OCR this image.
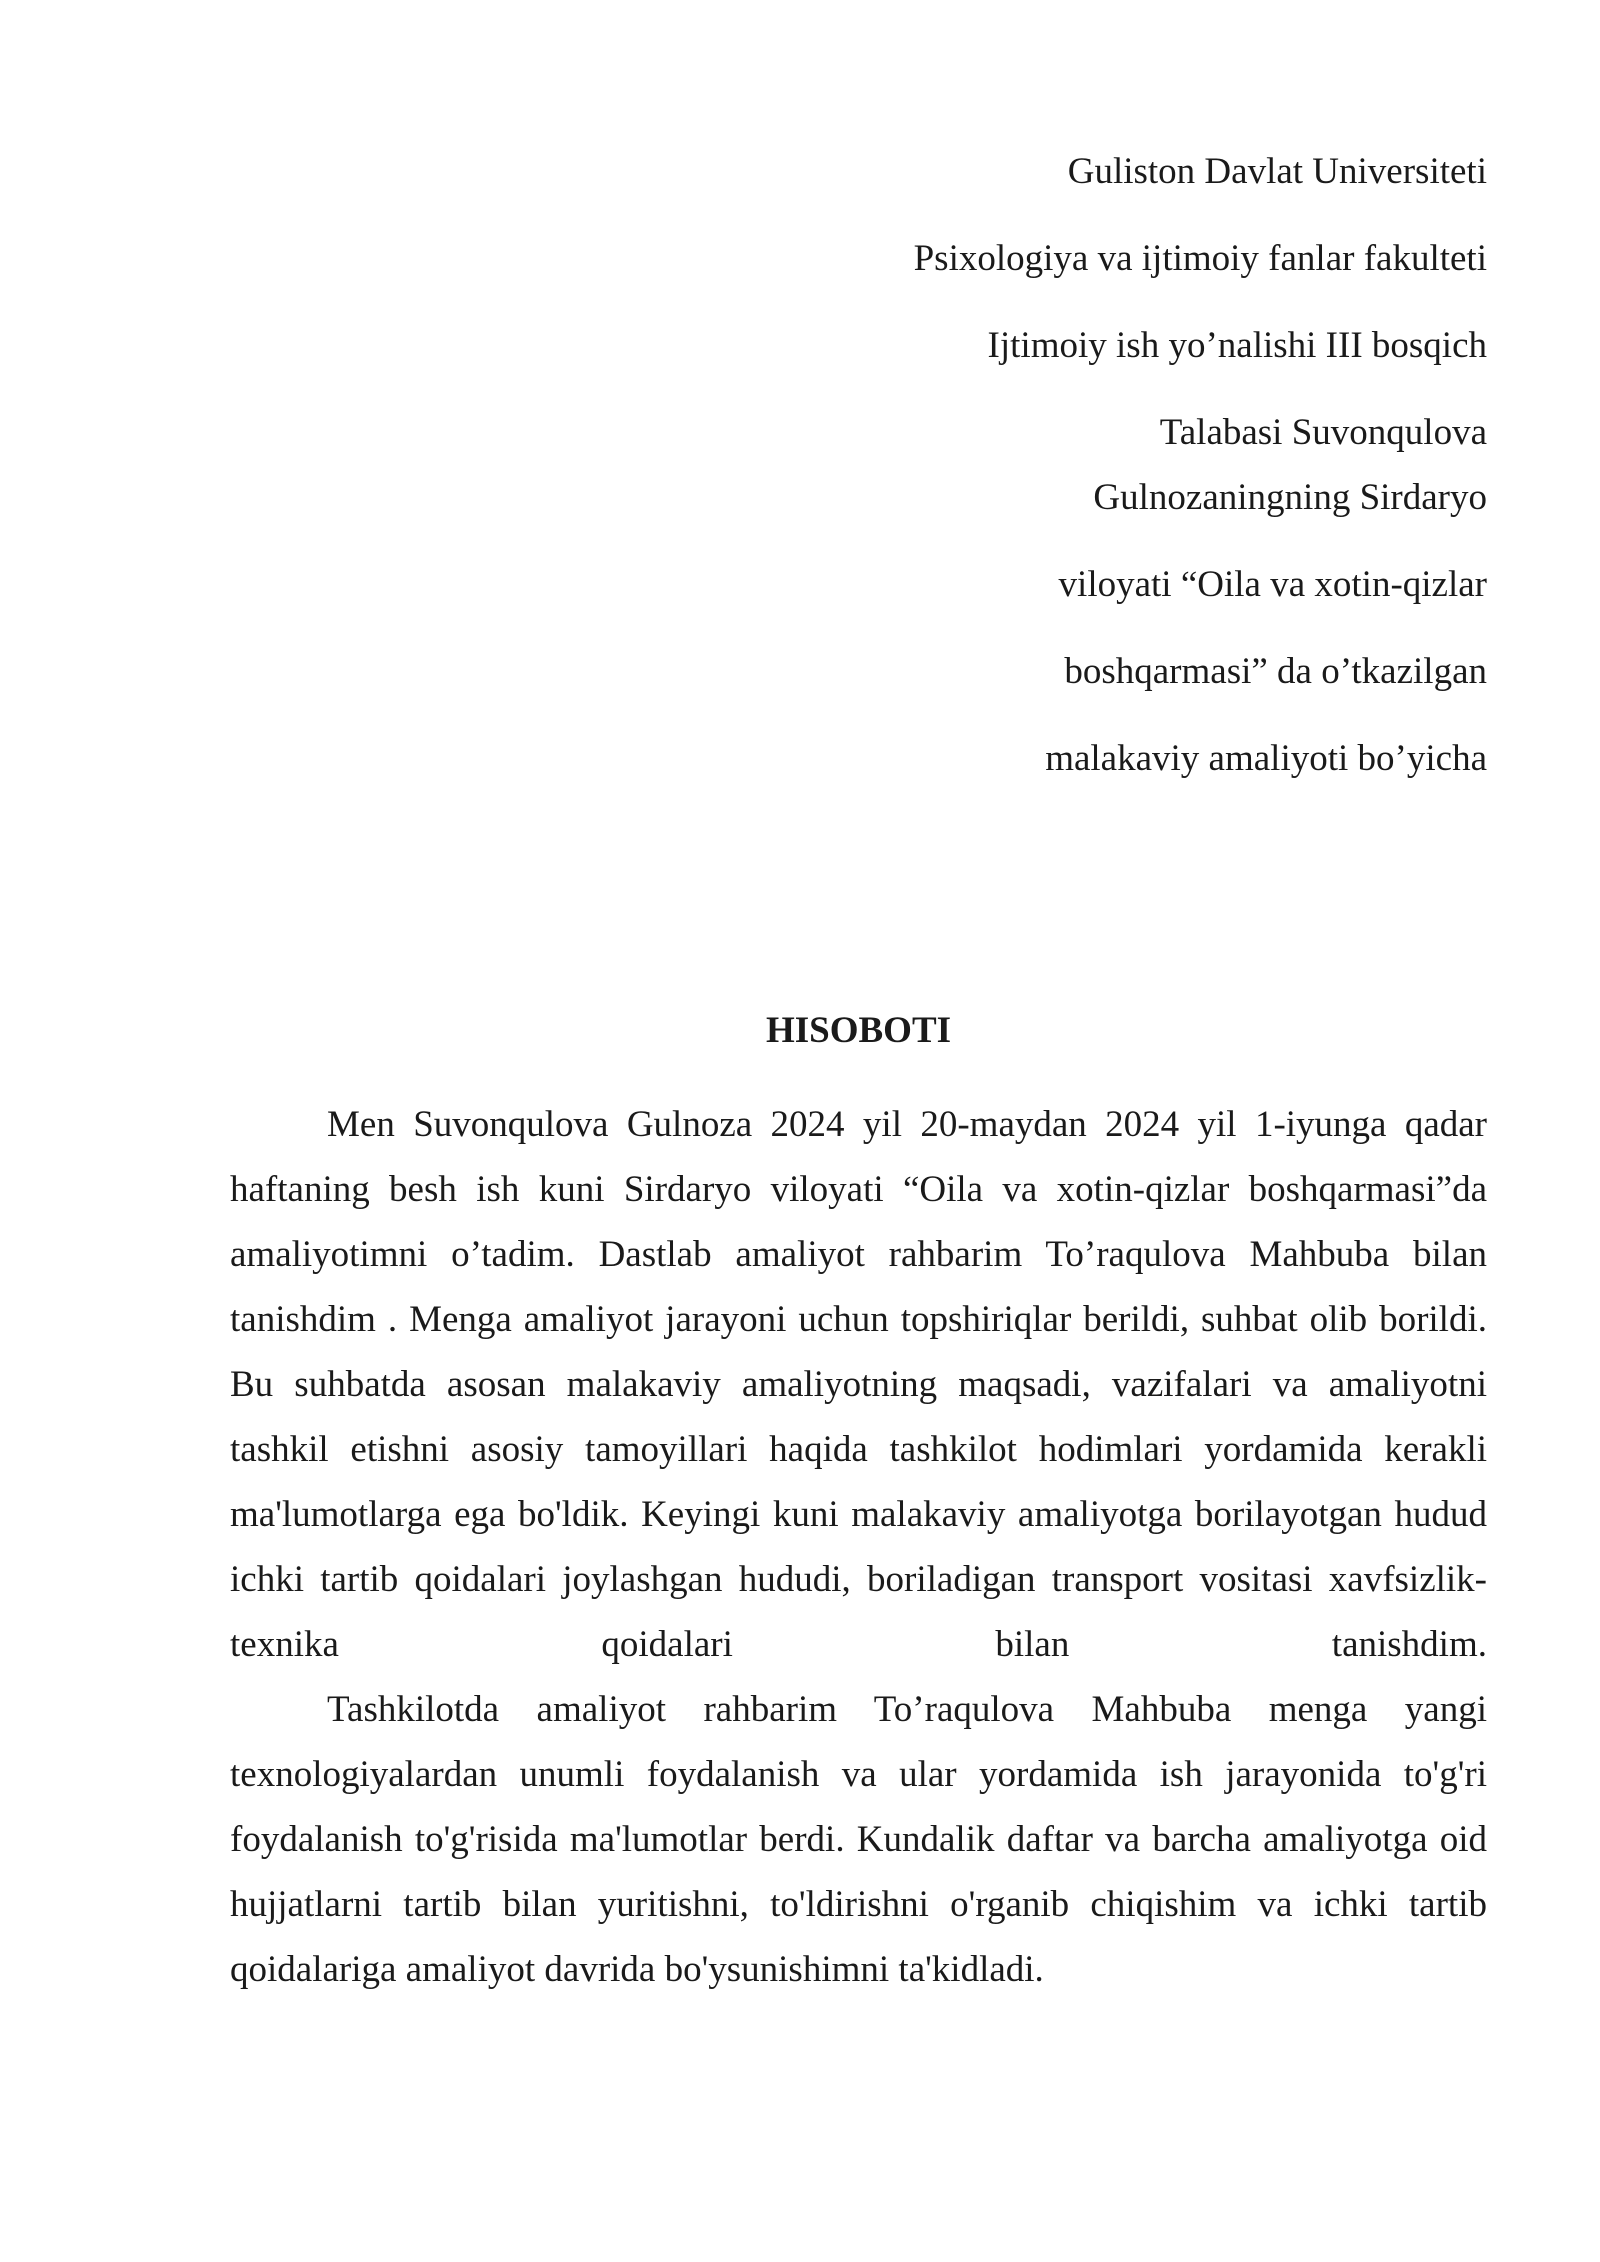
Guliston Davlat Universiteti
Psixologiya va ijtimoiy fanlar fakulteti
Ijtimoiy ish yo’nalishi III bosqich
Talabasi Suvonqulova
Gulnozaningning Sirdaryo
viloyati “Oila va xotin-qizlar
boshqarmasi” da o’tkazilgan
malakaviy amaliyoti bo’yicha
HISOBOTI

Men Suvonqulova Gulnoza 2024 yil 20-maydan 2024 yil 1-iyunga qadar haftaning besh ish kuni Sirdaryo viloyati “Oila va xotin-qizlar boshqarmasi”da amaliyotimni o’tadim. Dastlab amaliyot rahbarim To’raqulova Mahbuba bilan tanishdim . Menga amaliyot jarayoni uchun topshiriqlar berildi, suhbat olib borildi. Bu suhbatda asosan malakaviy amaliyotning maqsadi, vazifalari va amaliyotni tashkil etishni asosiy tamoyillari haqida tashkilot hodimlari yordamida kerakli ma'lumotlarga ega bo'ldik. Keyingi kuni malakaviy amaliyotga borilayotgan hudud ichki tartib qoidalari joylashgan hududi, boriladigan transport vositasi xavfsizlik-texnika qoidalari bilan tanishdim.

Tashkilotda amaliyot rahbarim To’raqulova Mahbuba menga yangi texnologiyalardan unumli foydalanish va ular yordamida ish jarayonida to'g'ri foydalanish to'g'risida ma'lumotlar berdi. Kundalik daftar va barcha amaliyotga oid hujjatlarni tartib bilan yuritishni, to'ldirishni o'rganib chiqishim va ichki tartib qoidalariga amaliyot davrida bo'ysunishimni ta'kidladi.
